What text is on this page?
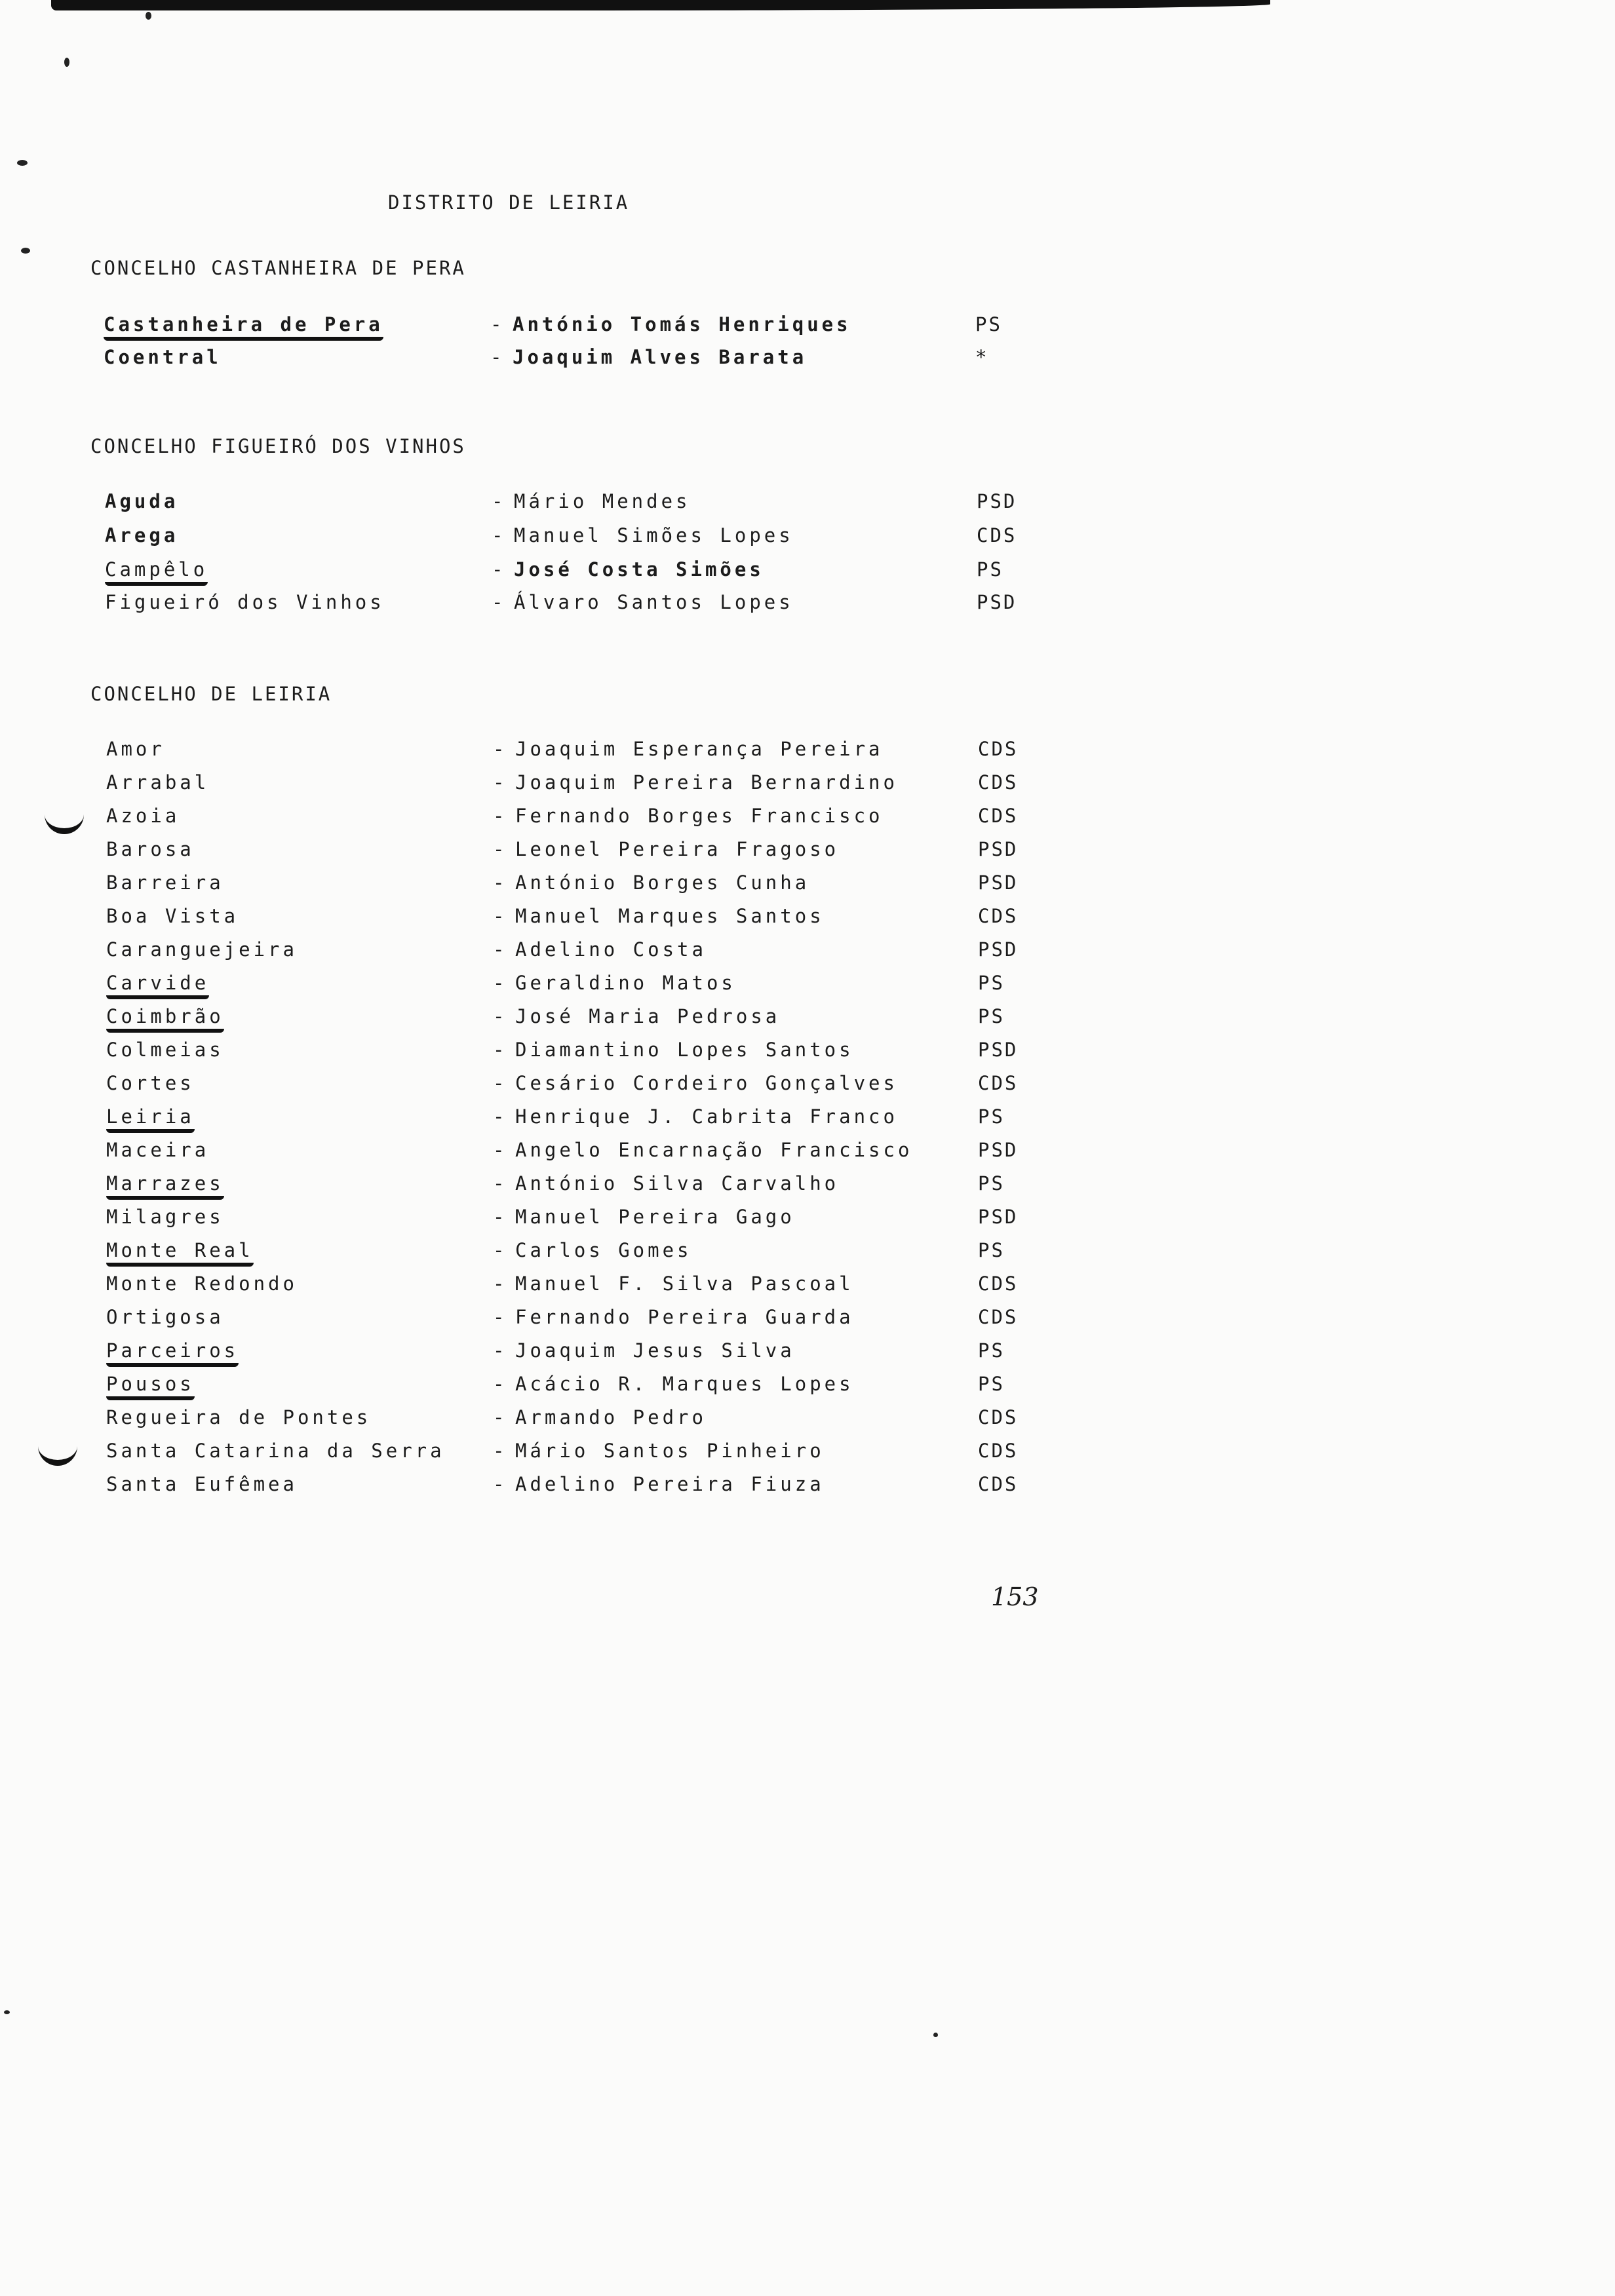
DISTRITO DE LEIRIA
CONCELHO CASTANHEIRA DE PERA
Castanheira de Pera	- António Tomás Henriques	PS
Coentral	- Joaquim Alves Barata	*
CONCELHO FIGUEIRÓ DOS VINHOS
Aguda	- Mário Mendes	PSD
Arega	- Manuel Simões Lopes	CDS
Campêlo	- José Costa Simões	PS
Figueiró dos Vinhos	- Álvaro Santos Lopes	PSD
CONCELHO DE LEIRIA
Amor	- Joaquim Esperança Pereira	CDS
Arrabal	- Joaquim Pereira Bernardino	CDS
Azoia	- Fernando Borges Francisco	CDS
Barosa	- Leonel Pereira Fragoso	PSD
Barreira	- António Borges Cunha	PSD
Boa Vista	- Manuel Marques Santos	CDS
Caranguejeira	- Adelino Costa	PSD
Carvide	- Geraldino Matos	PS
Coimbrão	- José Maria Pedrosa	PS
Colmeias	- Diamantino Lopes Santos	PSD
Cortes	- Cesário Cordeiro Gonçalves	CDS
Leiria	- Henrique J. Cabrita Franco	PS
Maceira	- Angelo Encarnação Francisco	PSD
Marrazes	- António Silva Carvalho	PS
Milagres	- Manuel Pereira Gago	PSD
Monte Real	- Carlos Gomes	PS
Monte Redondo	- Manuel F. Silva Pascoal	CDS
Ortigosa	- Fernando Pereira Guarda	CDS
Parceiros	- Joaquim Jesus Silva	PS
Pousos	- Acácio R. Marques Lopes	PS
Regueira de Pontes	- Armando Pedro	CDS
Santa Catarina da Serra	- Mário Santos Pinheiro	CDS
Santa Eufêmea	- Adelino Pereira Fiuza	CDS
153
